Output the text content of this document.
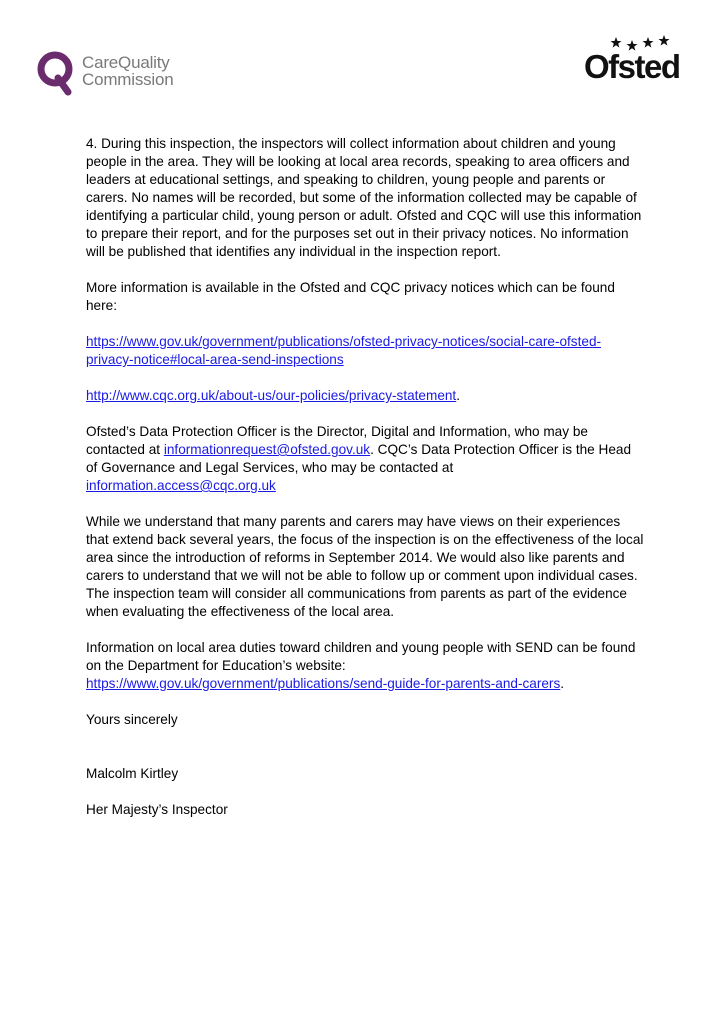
CareQuality
Commission	Ofsted

4. During this inspection, the inspectors will collect information about children and young people in the area. They will be looking at local area records, speaking to area officers and leaders at educational settings, and speaking to children, young people and parents or carers. No names will be recorded, but some of the information collected may be capable of identifying a particular child, young person or adult. Ofsted and CQC will use this information to prepare their report, and for the purposes set out in their privacy notices. No information will be published that identifies any individual in the inspection report.

More information is available in the Ofsted and CQC privacy notices which can be found here:

https://www.gov.uk/government/publications/ofsted-privacy-notices/social-care-ofsted-privacy-notice#local-area-send-inspections

http://www.cqc.org.uk/about-us/our-policies/privacy-statement.

Ofsted’s Data Protection Officer is the Director, Digital and Information, who may be contacted at informationrequest@ofsted.gov.uk. CQC’s Data Protection Officer is the Head of Governance and Legal Services, who may be contacted at information.access@cqc.org.uk

While we understand that many parents and carers may have views on their experiences that extend back several years, the focus of the inspection is on the effectiveness of the local area since the introduction of reforms in September 2014. We would also like parents and carers to understand that we will not be able to follow up or comment upon individual cases. The inspection team will consider all communications from parents as part of the evidence when evaluating the effectiveness of the local area.

Information on local area duties toward children and young people with SEND can be found on the Department for Education’s website: https://www.gov.uk/government/publications/send-guide-for-parents-and-carers.

Yours sincerely

Malcolm Kirtley

Her Majesty’s Inspector
